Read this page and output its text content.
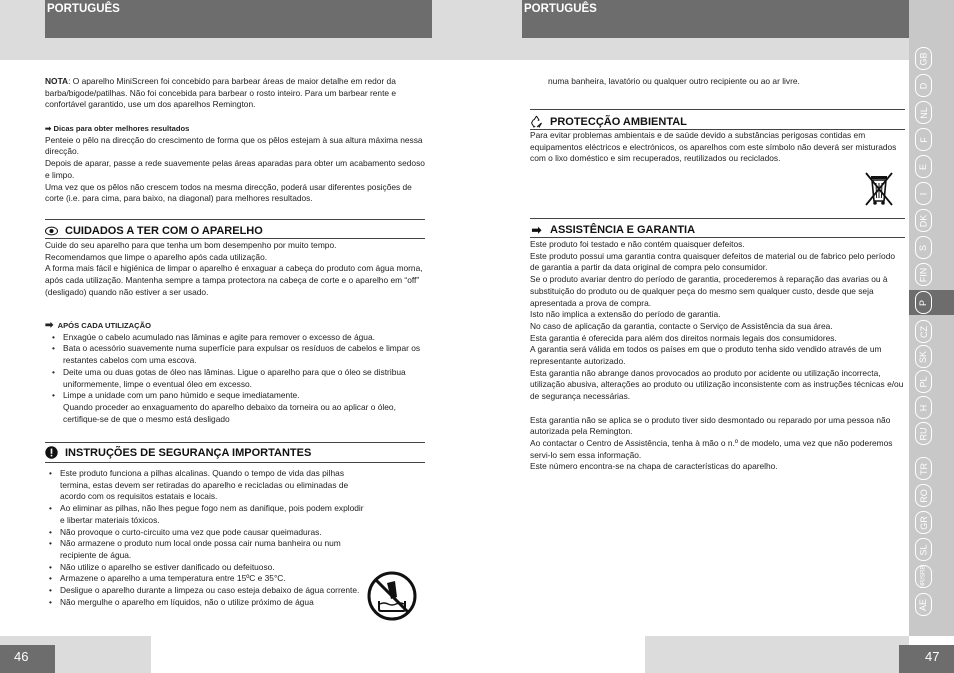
PORTUGUÊS	PORTUGUÊS
GB
D
NL
F
E
I
DK
S
FIN
P
CZ
SK
PL
H
RU
TR
RO
GR
SL
HR/SRB
AE
46	47

NOTA: O aparelho MiniScreen foi concebido para barbear áreas de maior detalhe em redor da barba/bigode/patilhas. Não foi concebida para barbear o rosto inteiro. Para um barbear rente e confortável garantido, use um dos aparelhos Remington.

➡ Dicas para obter melhores resultados

Penteie o pêlo na direcção do crescimento de forma que os pêlos estejam à sua altura máxima nessa direcção.

Depois de aparar, passe a rede suavemente pelas áreas aparadas para obter um acabamento sedoso e limpo.

Uma vez que os pêlos não crescem todos na mesma direcção, poderá usar diferentes posições de corte (i.e. para cima, para baixo, na diagonal) para melhores resultados.

CUIDADOS A TER COM O APARELHO

Cuide do seu aparelho para que tenha um bom desempenho por muito tempo.

Recomendamos que limpe o aparelho após cada utilização.

A forma mais fácil e higiénica de limpar o aparelho é enxaguar a cabeça do produto com água morna, após cada utilização. Mantenha sempre a tampa protectora na cabeça de corte e o aparelho em “off” (desligado) quando não estiver a ser usado.

➡ APÓS CADA UTILIZAÇÃO

• Enxagúe o cabelo acumulado nas lâminas e agite para remover o excesso de água.
• Bata o acessório suavemente numa superfície para expulsar os resíduos de cabelos e limpar os restantes cabelos com uma escova.
• Deite uma ou duas gotas de óleo nas lâminas. Ligue o aparelho para que o óleo se distribua uniformemente, limpe o eventual óleo em excesso.
• Limpe a unidade com um pano húmido e seque imediatamente.

Quando proceder ao enxaguamento do aparelho debaixo da torneira ou ao aplicar o óleo, certifique-se de que o mesmo está desligado

INSTRUÇÕES DE SEGURANÇA IMPORTANTES
• Este produto funciona a pilhas alcalinas. Quando o tempo de vida das pilhas termina, estas devem ser retiradas do aparelho e recicladas ou eliminadas de acordo com os requisitos estatais e locais.
• Ao eliminar as pilhas, não lhes pegue fogo nem as danifique, pois podem explodir e libertar materiais tóxicos.
• Não provoque o curto-circuito uma vez que pode causar queimaduras.
• Não armazene o produto num local onde possa cair numa banheira ou num recipiente de água.
• Não utilize o aparelho se estiver danificado ou defeituoso.
• Armazene o aparelho a uma temperatura entre 15ºC e 35°C.
• Desligue o aparelho durante a limpeza ou caso esteja debaixo de água corrente.
• Não mergulhe o aparelho em líquidos, não o utilize próximo de água
numa banheira, lavatório ou qualquer outro recipiente ou ao ar livre.
PROTECÇÃO AMBIENTAL
Para evitar problemas ambientais e de saúde devido a substâncias perigosas contidas em equipamentos eléctricos e electrónicos, os aparelhos com este símbolo não deverá ser misturados com o lixo doméstico e sim recuperados, reutilizados ou reciclados.
➡ ASSISTÊNCIA E GARANTIA

Este produto foi testado e não contém quaisquer defeitos.

Este produto possui uma garantia contra quaisquer defeitos de material ou de fabrico pelo período de garantia a partir da data original de compra pelo consumidor.

Se o produto avariar dentro do período de garantia, procederemos à reparação das avarias ou à substituição do produto ou de qualquer peça do mesmo sem qualquer custo, desde que seja apresentada a prova de compra.

Isto não implica a extensão do período de garantia.

No caso de aplicação da garantia, contacte o Serviço de Assistência da sua área.

Esta garantia é oferecida para além dos direitos normais legais dos consumidores.

A garantia será válida em todos os países em que o produto tenha sido vendido através de um representante autorizado.

Esta garantia não abrange danos provocados ao produto por acidente ou utilização incorrecta, utilização abusiva, alterações ao produto ou utilização inconsistente com as instruções técnicas e/ou de segurança necessárias.

Esta garantia não se aplica se o produto tiver sido desmontado ou reparado por uma pessoa não autorizada pela Remington.

Ao contactar o Centro de Assistência, tenha à mão o n.º de modelo, uma vez que não poderemos servi-lo sem essa informação.

Este número encontra-se na chapa de características do aparelho.
